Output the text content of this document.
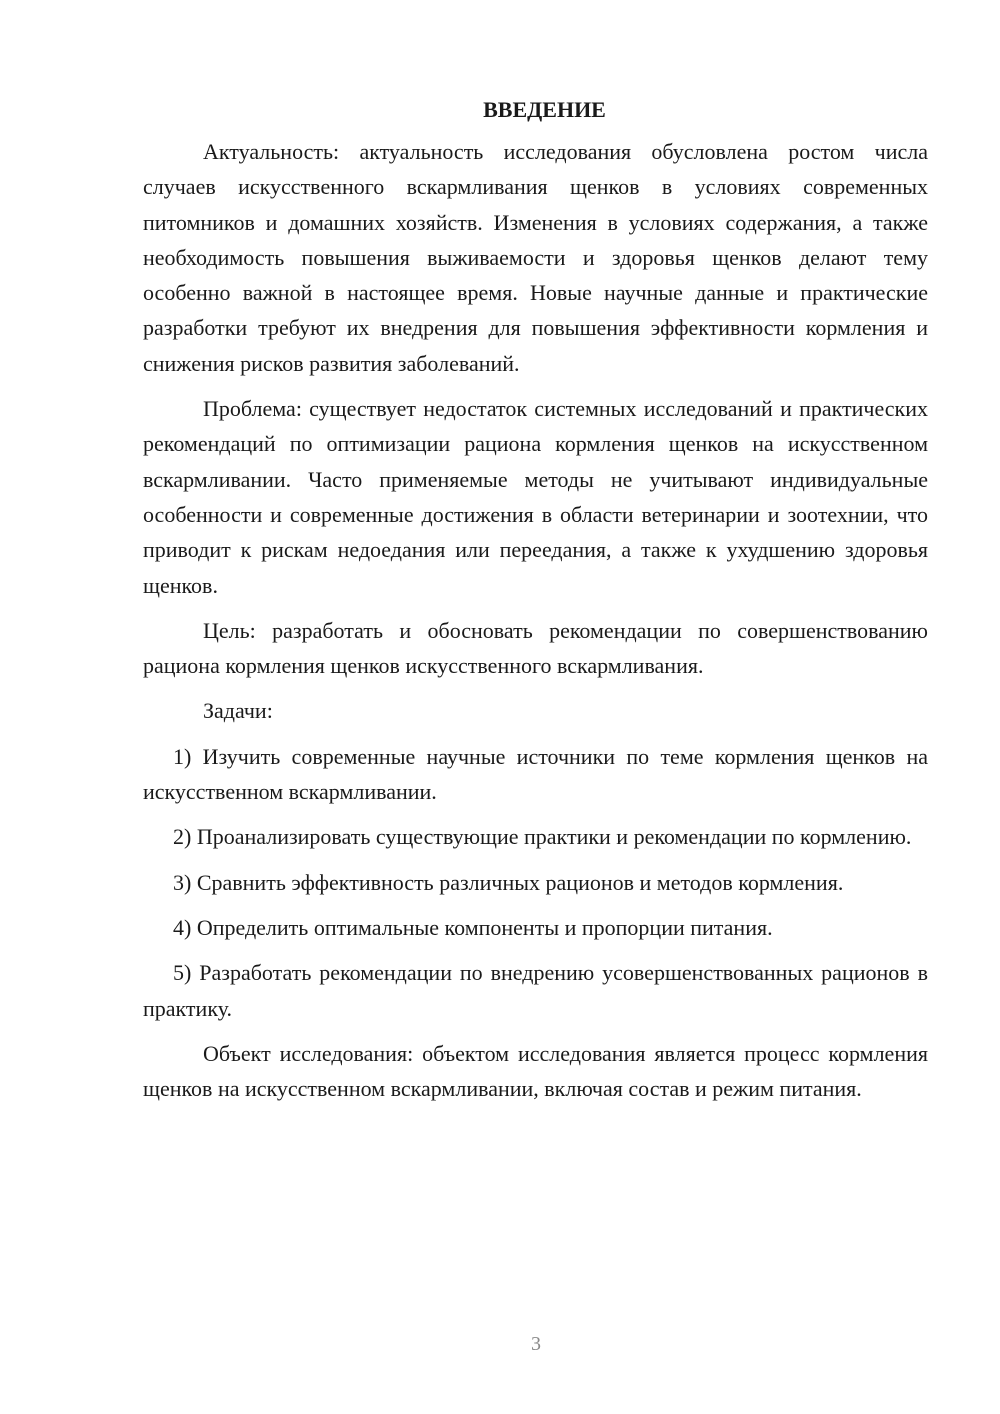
ВВЕДЕНИЕ

Актуальность: актуальность исследования обусловлена ростом числа случаев искусственного вскармливания щенков в условиях современных питомников и домашних хозяйств. Изменения в условиях содержания, а также необходимость повышения выживаемости и здоровья щенков делают тему особенно важной в настоящее время. Новые научные данные и практические разработки требуют их внедрения для повышения эффективности кормления и снижения рисков развития заболеваний.

Проблема: существует недостаток системных исследований и практических рекомендаций по оптимизации рациона кормления щенков на искусственном вскармливании. Часто применяемые методы не учитывают индивидуальные особенности и современные достижения в области ветеринарии и зоотехнии, что приводит к рискам недоедания или переедания, а также к ухудшению здоровья щенков.

Цель: разработать и обосновать рекомендации по совершенствованию рациона кормления щенков искусственного вскармливания.

Задачи:

1) Изучить современные научные источники по теме кормления щенков на искусственном вскармливании.

2) Проанализировать существующие практики и рекомендации по кормлению.

3) Сравнить эффективность различных рационов и методов кормления.

4) Определить оптимальные компоненты и пропорции питания.

5) Разработать рекомендации по внедрению усовершенствованных рационов в практику.

Объект исследования: объектом исследования является процесс кормления щенков на искусственном вскармливании, включая состав и режим питания.

3
